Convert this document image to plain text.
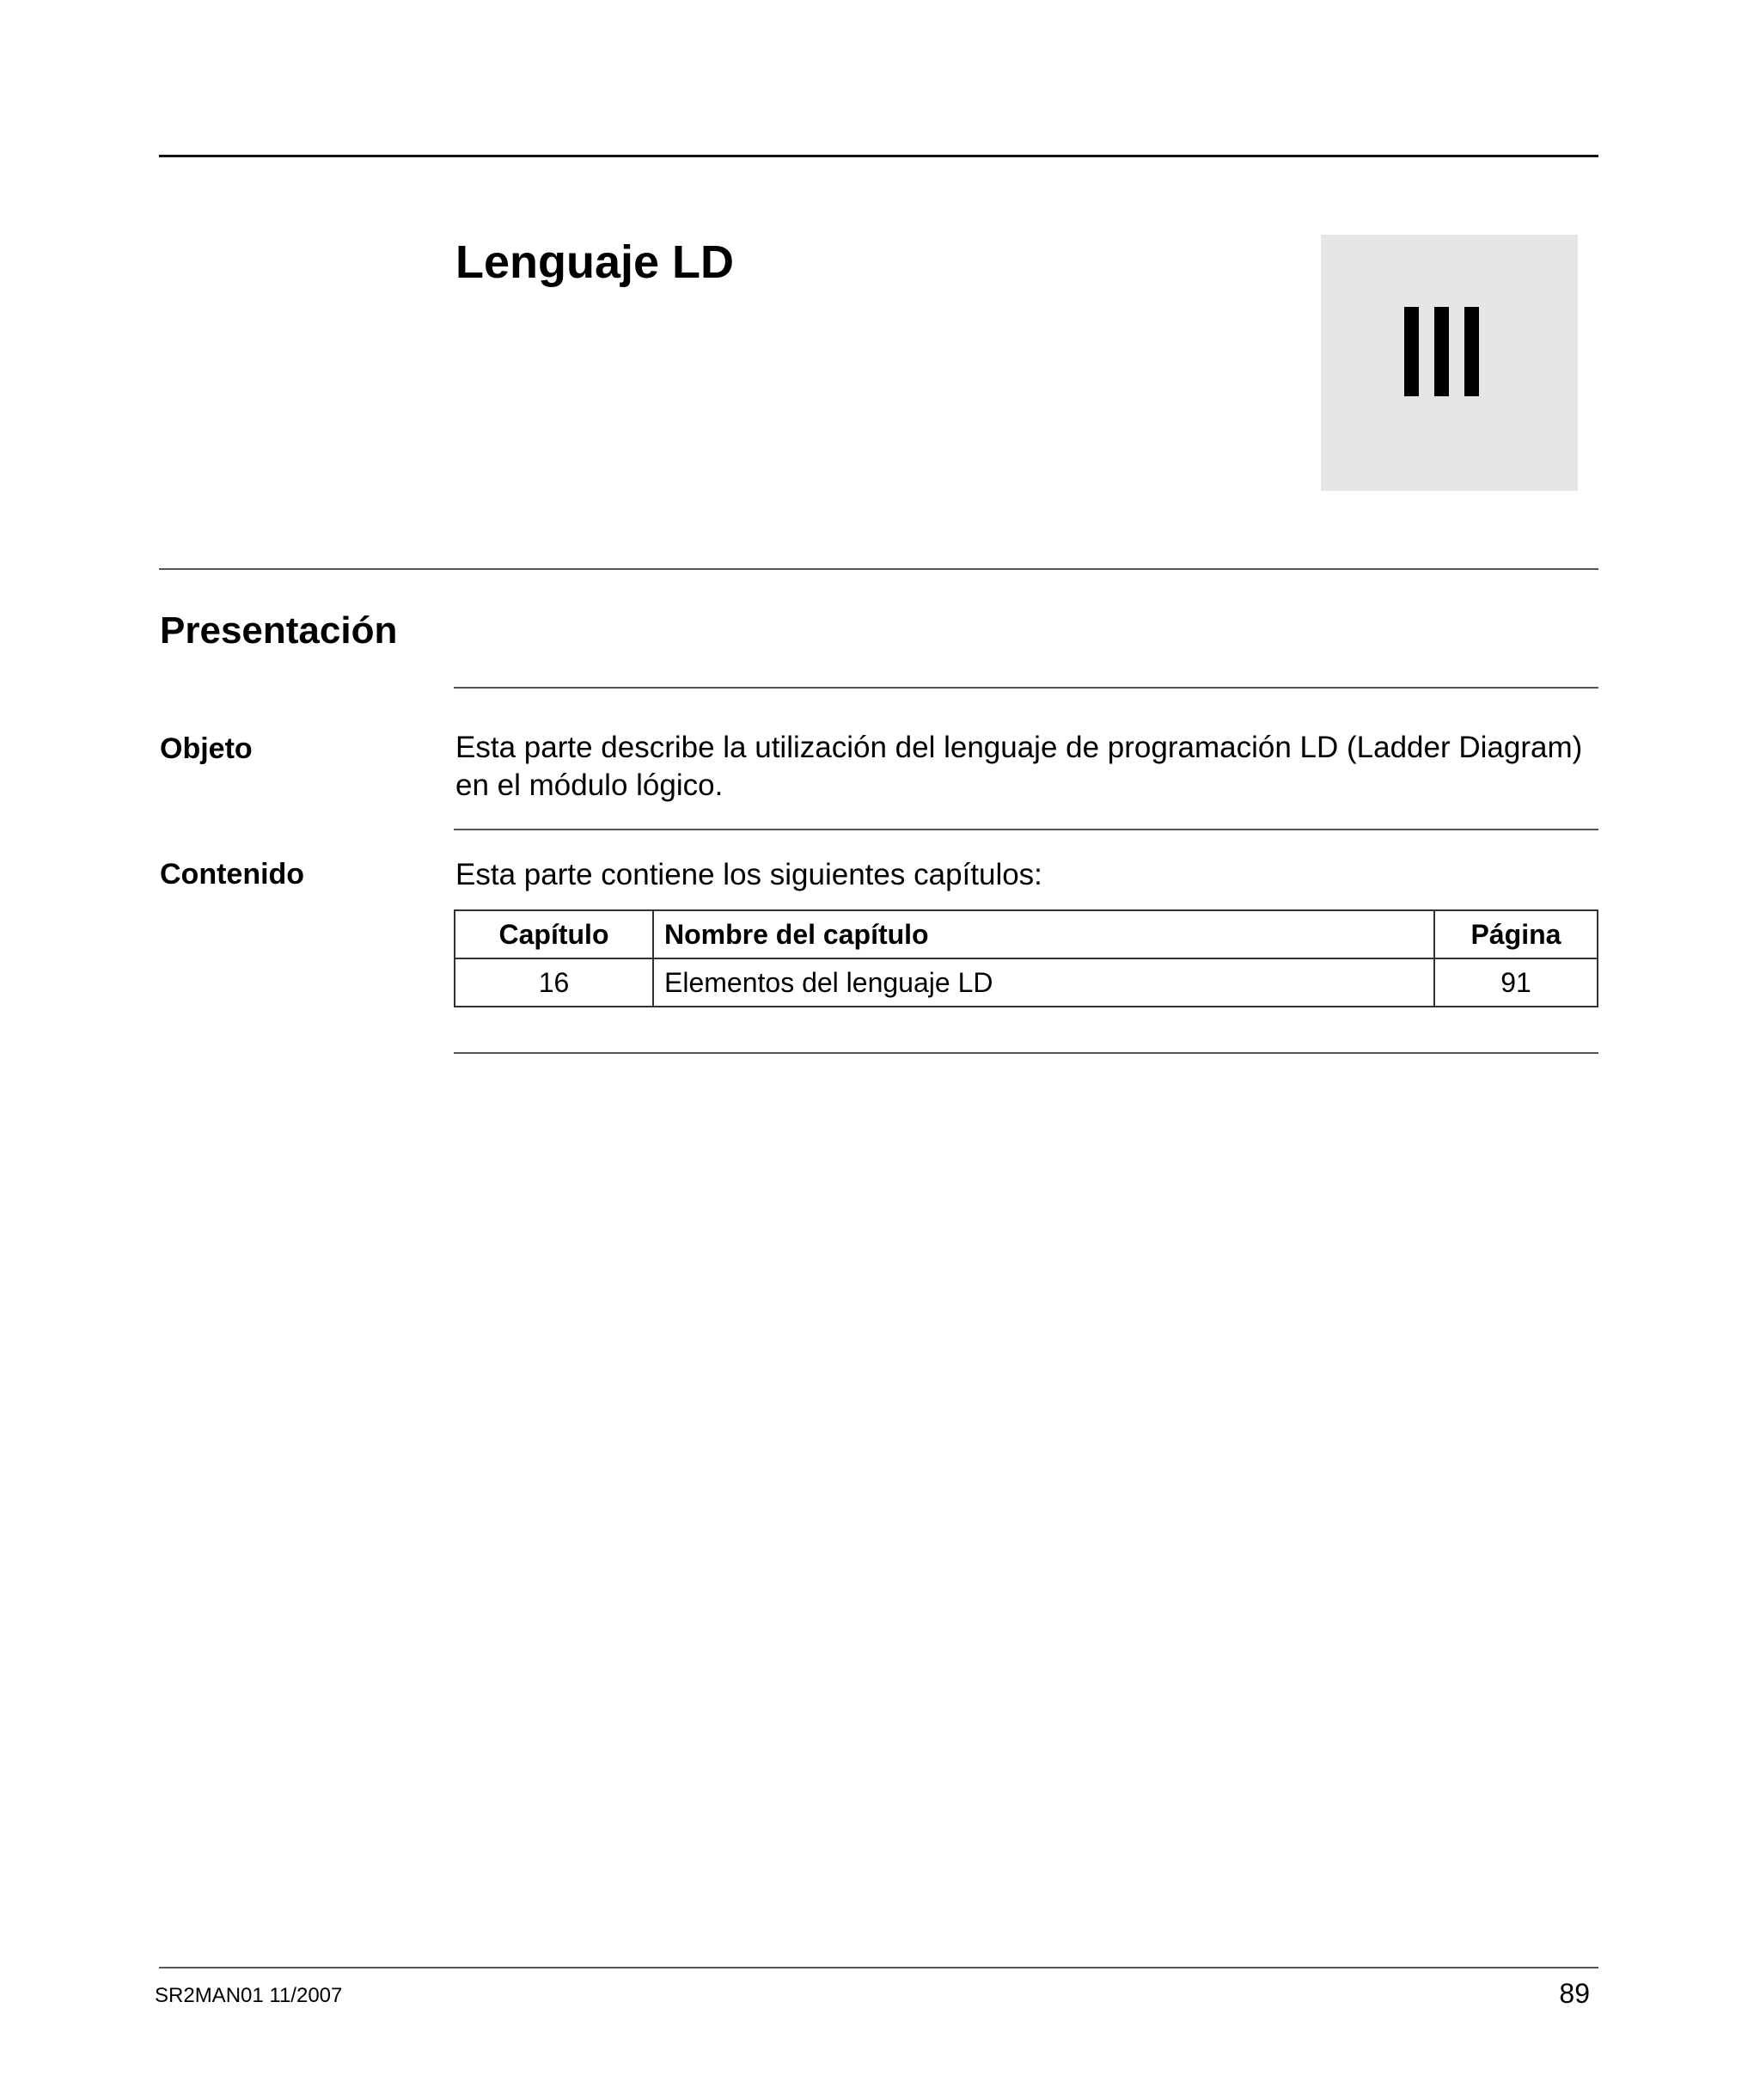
Lenguaje LD
Presentación
Objeto	Esta parte describe la utilización del lenguaje de programación LD (Ladder Diagram) en el módulo lógico.
Contenido	Esta parte contiene los siguientes capítulos:
Capítulo	Nombre del capítulo	Página
16	Elementos del lenguaje LD	91
SR2MAN01 11/2007	89
